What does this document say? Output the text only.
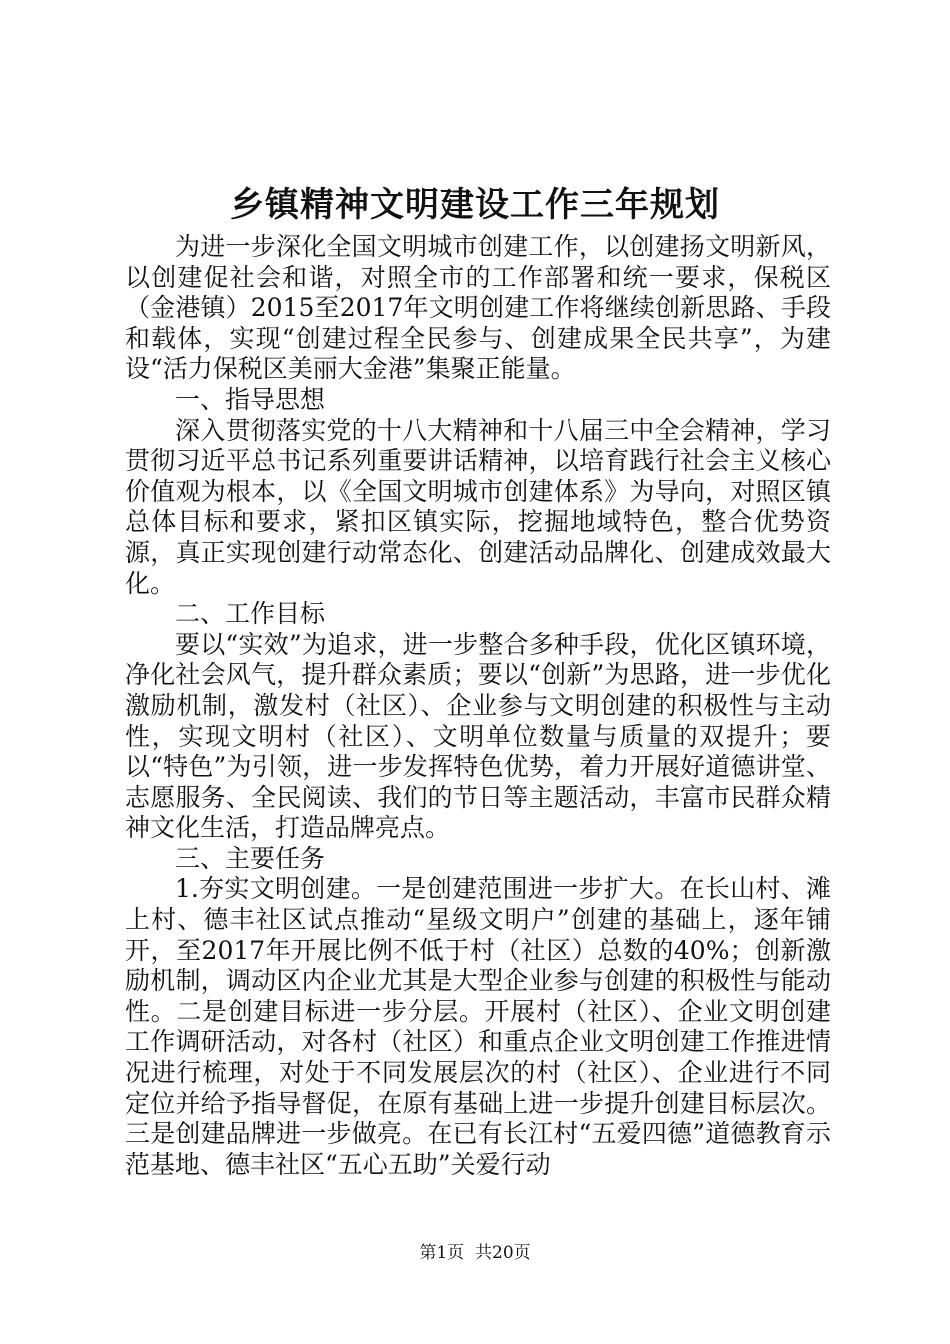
乡镇精神文明建设工作三年规划

为进一步深化全国文明城市创建工作，以创建扬文明新风，以创建促社会和谐，对照全市的工作部署和统一要求，保税区（金港镇）2015至2017年文明创建工作将继续创新思路、手段和载体，实现“创建过程全民参与、创建成果全民共享”，为建设“活力保税区美丽大金港”集聚正能量。

一、指导思想

深入贯彻落实党的十八大精神和十八届三中全会精神，学习贯彻习近平总书记系列重要讲话精神，以培育践行社会主义核心价值观为根本，以《全国文明城市创建体系》为导向，对照区镇总体目标和要求，紧扣区镇实际，挖掘地域特色，整合优势资源，真正实现创建行动常态化、创建活动品牌化、创建成效最大化。

二、工作目标

要以“实效”为追求，进一步整合多种手段，优化区镇环境，净化社会风气，提升群众素质；要以“创新”为思路，进一步优化激励机制，激发村（社区）、企业参与文明创建的积极性与主动性，实现文明村（社区）、文明单位数量与质量的双提升；要以“特色”为引领，进一步发挥特色优势，着力开展好道德讲堂、志愿服务、全民阅读、我们的节日等主题活动，丰富市民群众精神文化生活，打造品牌亮点。

三、主要任务

1.夯实文明创建。一是创建范围进一步扩大。在长山村、滩上村、德丰社区试点推动“星级文明户”创建的基础上，逐年铺开，至2017年开展比例不低于村（社区）总数的40%；创新激励机制，调动区内企业尤其是大型企业参与创建的积极性与能动性。二是创建目标进一步分层。开展村（社区）、企业文明创建工作调研活动，对各村（社区）和重点企业文明创建工作推进情况进行梳理，对处于不同发展层次的村（社区）、企业进行不同定位并给予指导督促，在原有基础上进一步提升创建目标层次。三是创建品牌进一步做亮。在已有长江村“五爱四德”道德教育示范基地、德丰社区“五心五助”关爱行动

第1页 共20页
